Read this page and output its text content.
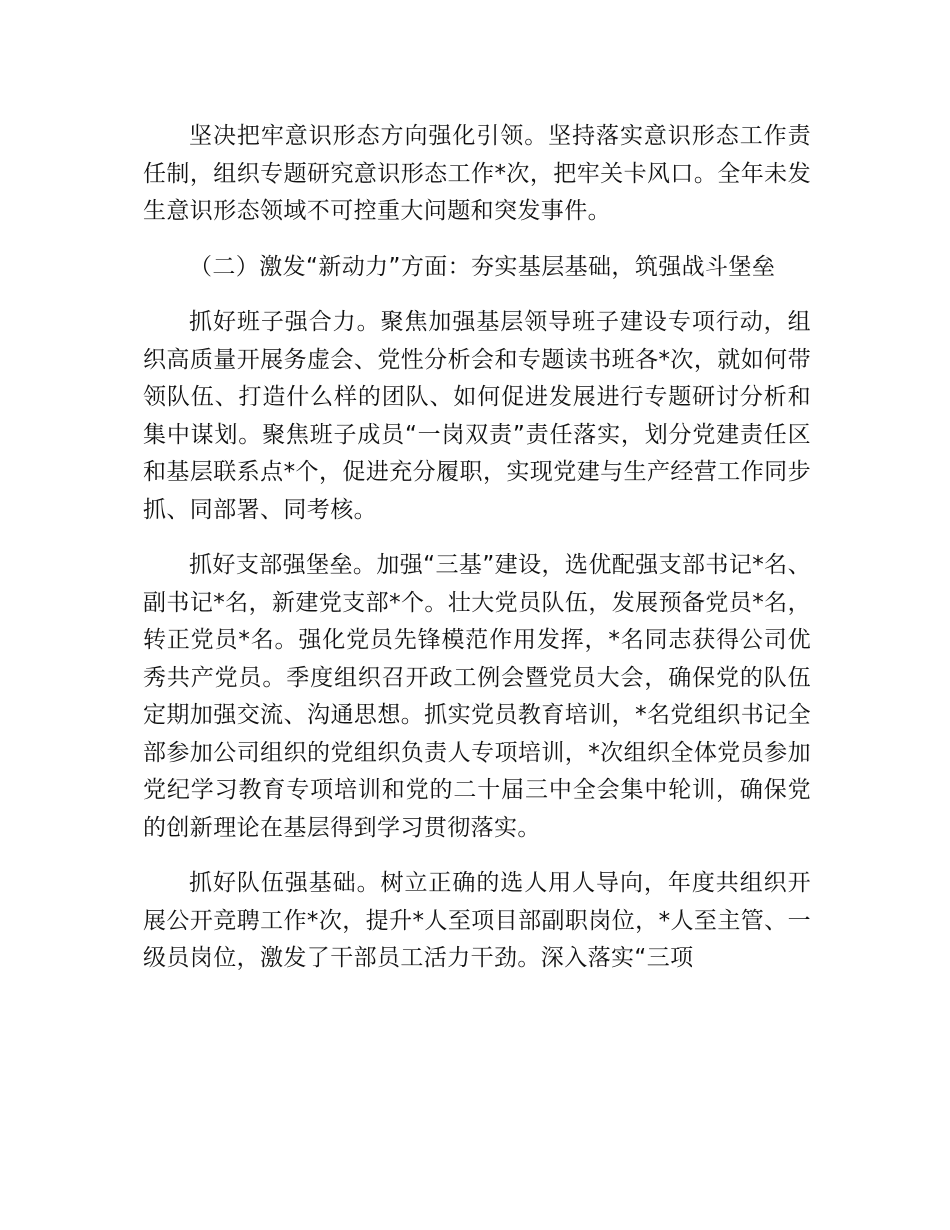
坚决把牢意识形态方向强化引领。坚持落实意识形态工作责任制，组织专题研究意识形态工作*次，把牢关卡风口。全年未发生意识形态领域不可控重大问题和突发事件。

（二）激发“新动力”方面：夯实基层基础，筑强战斗堡垒

抓好班子强合力。聚焦加强基层领导班子建设专项行动，组织高质量开展务虚会、党性分析会和专题读书班各*次，就如何带领队伍、打造什么样的团队、如何促进发展进行专题研讨分析和集中谋划。聚焦班子成员“一岗双责”责任落实，划分党建责任区和基层联系点*个，促进充分履职，实现党建与生产经营工作同步抓、同部署、同考核。

抓好支部强堡垒。加强“三基”建设，选优配强支部书记*名、副书记*名，新建党支部*个。壮大党员队伍，发展预备党员*名，转正党员*名。强化党员先锋模范作用发挥，*名同志获得公司优秀共产党员。季度组织召开政工例会暨党员大会，确保党的队伍定期加强交流、沟通思想。抓实党员教育培训，*名党组织书记全部参加公司组织的党组织负责人专项培训，*次组织全体党员参加党纪学习教育专项培训和党的二十届三中全会集中轮训，确保党的创新理论在基层得到学习贯彻落实。

抓好队伍强基础。树立正确的选人用人导向，年度共组织开展公开竞聘工作*次，提升*人至项目部副职岗位，*人至主管、一级员岗位，激发了干部员工活力干劲。深入落实“三项
